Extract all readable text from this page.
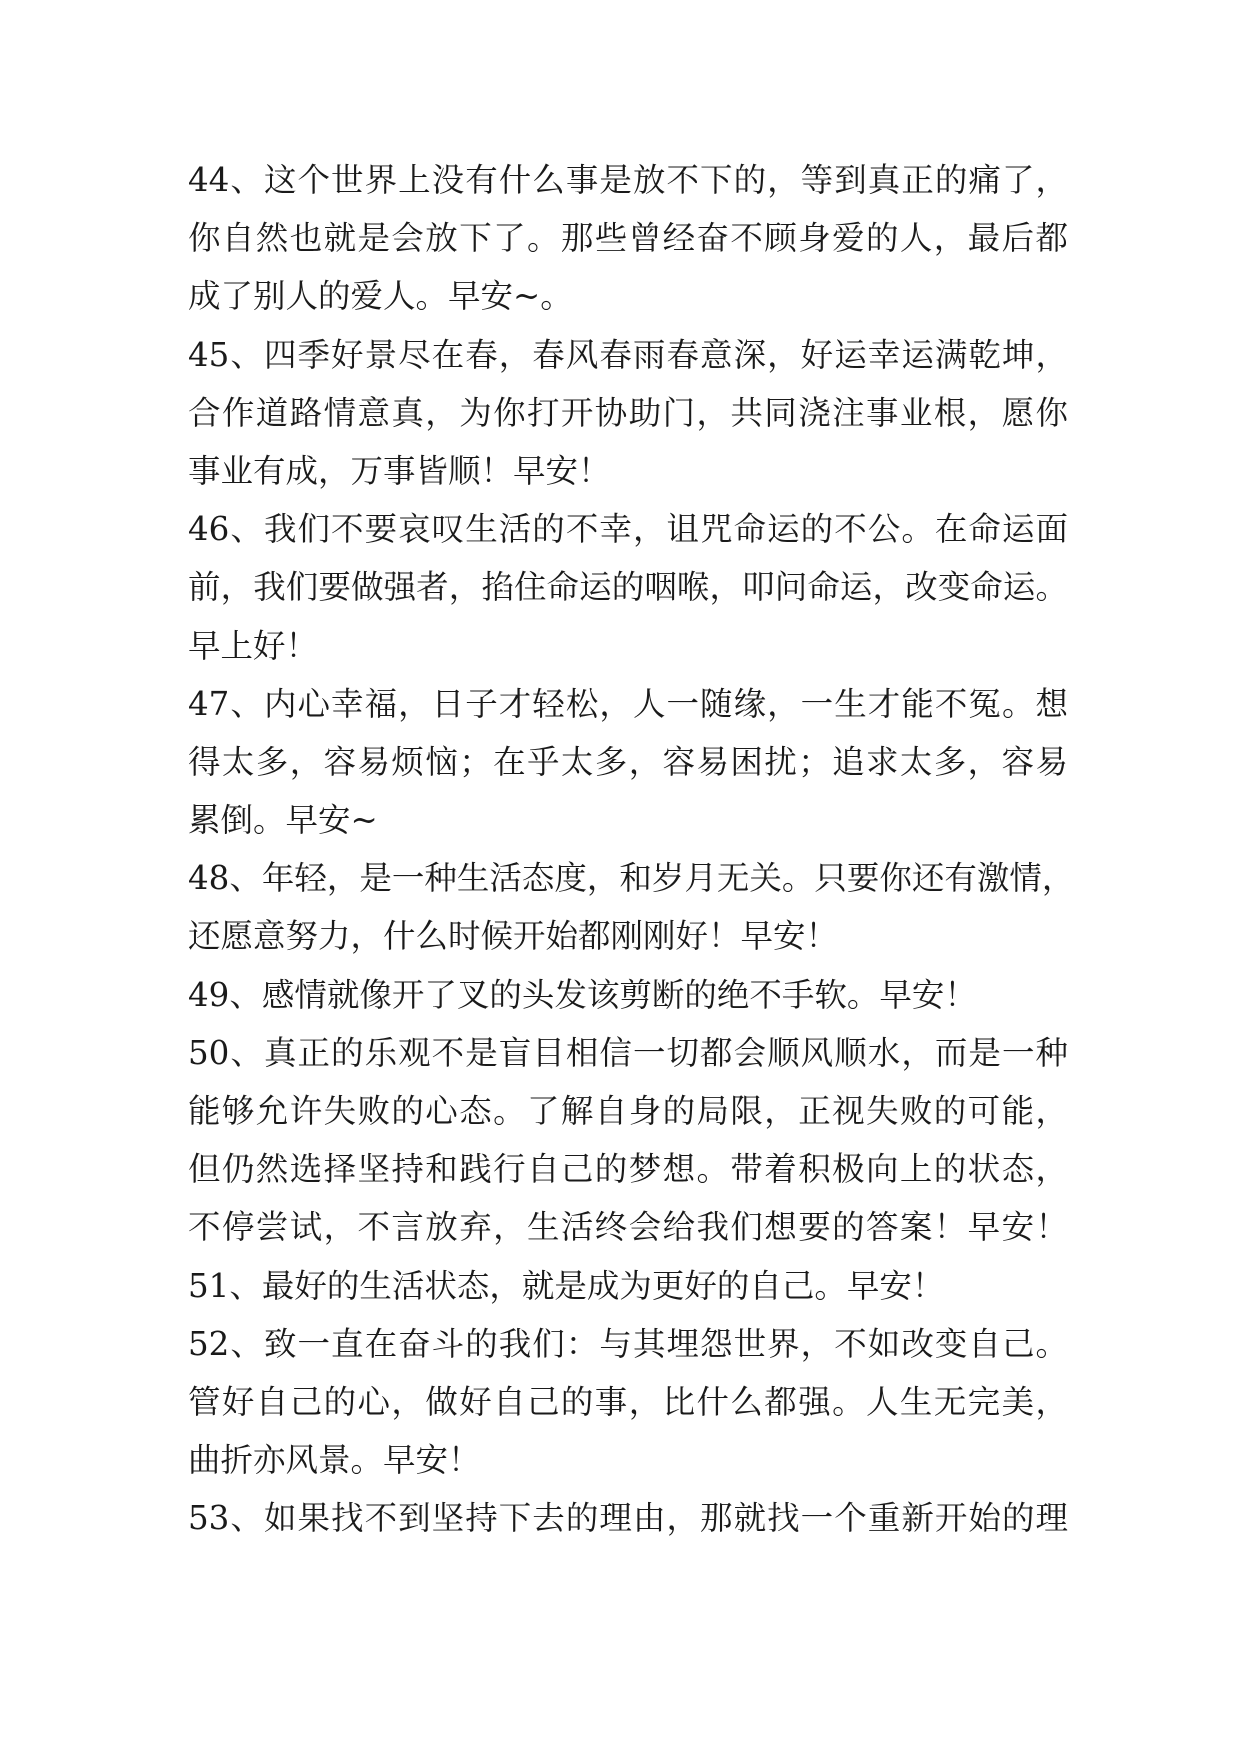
44、这个世界上没有什么事是放不下的，等到真正的痛了，
你自然也就是会放下了。那些曾经奋不顾身爱的人，最后都
成了别人的爱人。早安~。
45、四季好景尽在春，春风春雨春意深，好运幸运满乾坤，
合作道路情意真，为你打开协助门，共同浇注事业根，愿你
事业有成，万事皆顺！早安！
46、我们不要哀叹生活的不幸，诅咒命运的不公。在命运面
前，我们要做强者，掐住命运的咽喉，叩问命运，改变命运。
早上好！
47、内心幸福，日子才轻松，人一随缘，一生才能不冤。想
得太多，容易烦恼；在乎太多，容易困扰；追求太多，容易
累倒。早安~
48、年轻，是一种生活态度，和岁月无关。只要你还有激情，
还愿意努力，什么时候开始都刚刚好！早安！
49、感情就像开了叉的头发该剪断的绝不手软。早安！
50、真正的乐观不是盲目相信一切都会顺风顺水，而是一种
能够允许失败的心态。了解自身的局限，正视失败的可能，
但仍然选择坚持和践行自己的梦想。带着积极向上的状态，
不停尝试，不言放弃，生活终会给我们想要的答案！早安！
51、最好的生活状态，就是成为更好的自己。早安！
52、致一直在奋斗的我们：与其埋怨世界，不如改变自己。
管好自己的心，做好自己的事，比什么都强。人生无完美，
曲折亦风景。早安！
53、如果找不到坚持下去的理由，那就找一个重新开始的理
